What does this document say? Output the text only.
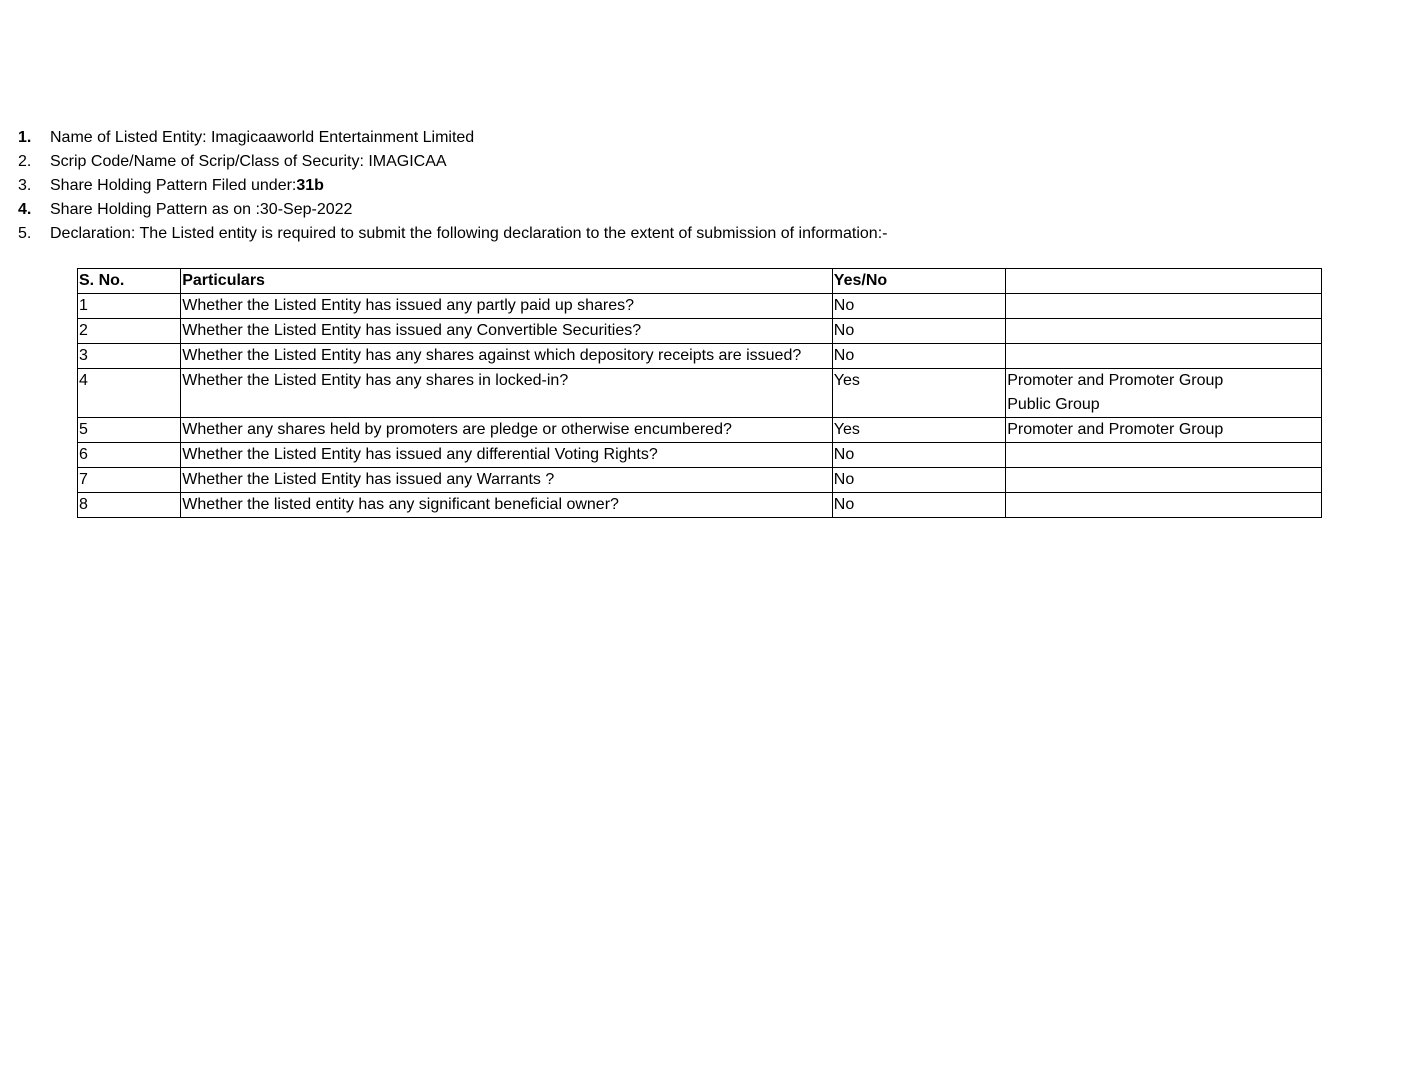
1.	Name of Listed Entity: Imagicaaworld Entertainment Limited
2.	Scrip Code/Name of Scrip/Class of Security: IMAGICAA
3.	Share Holding Pattern Filed under: 31b
4.	Share Holding Pattern as on : 30-Sep-2022
5.	Declaration: The Listed entity is required to submit the following declaration to the extent of submission of information:-
S. No.	Particulars	Yes/No	
1	Whether the Listed Entity has issued any partly paid up shares?	No	
2	Whether the Listed Entity has issued any Convertible Securities?	No	
3	Whether the Listed Entity has any shares against which depository receipts are issued?	No	
4	Whether the Listed Entity has any shares in locked-in?	Yes	Promoter and Promoter Group
Public Group

5	Whether any shares held by promoters are pledge or otherwise encumbered?	Yes	Promoter and Promoter Group

6	Whether the Listed Entity has issued any differential Voting Rights?	No	
7	Whether the Listed Entity has issued any Warrants ?	No	
8	Whether the listed entity has any significant beneficial owner?	No	
